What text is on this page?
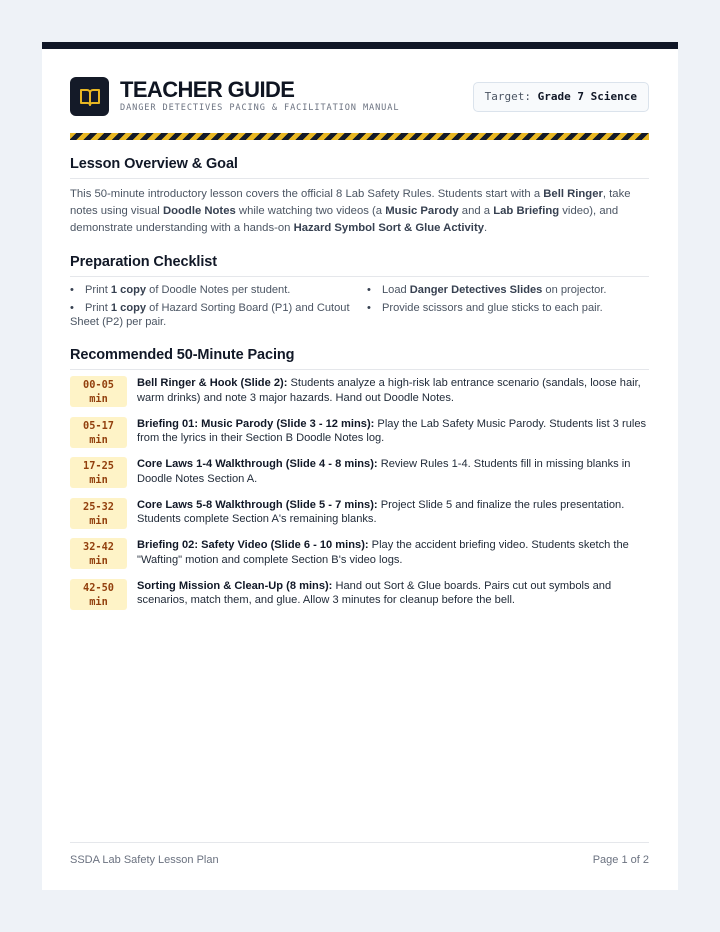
TEACHER GUIDE
DANGER DETECTIVES PACING & FACILITATION MANUAL
Target: Grade 7 Science
Lesson Overview & Goal

This 50-minute introductory lesson covers the official 8 Lab Safety Rules. Students start with a Bell Ringer, take notes using visual Doodle Notes while watching two videos (a Music Parody and a Lab Briefing video), and demonstrate understanding with a hands-on Hazard Symbol Sort & Glue Activity.

Preparation Checklist
• Print 1 copy of Doodle Notes per student.
• Print 1 copy of Hazard Sorting Board (P1) and Cutout Sheet (P2) per pair.
• Load Danger Detectives Slides on projector.
• Provide scissors and glue sticks to each pair.
Recommended 50-Minute Pacing
00-05
min
Bell Ringer & Hook (Slide 2): Students analyze a high-risk lab entrance scenario (sandals, loose hair, warm drinks) and note 3 major hazards. Hand out Doodle Notes.
05-17
min
Briefing 01: Music Parody (Slide 3 - 12 mins): Play the Lab Safety Music Parody. Students list 3 rules from the lyrics in their Section B Doodle Notes log.
17-25
min
Core Laws 1-4 Walkthrough (Slide 4 - 8 mins): Review Rules 1-4. Students fill in missing blanks in Doodle Notes Section A.
25-32
min
Core Laws 5-8 Walkthrough (Slide 5 - 7 mins): Project Slide 5 and finalize the rules presentation. Students complete Section A's remaining blanks.
32-42
min
Briefing 02: Safety Video (Slide 6 - 10 mins): Play the accident briefing video. Students sketch the "Wafting" motion and complete Section B's video logs.
42-50
min
Sorting Mission & Clean-Up (8 mins): Hand out Sort & Glue boards. Pairs cut out symbols and scenarios, match them, and glue. Allow 3 minutes for cleanup before the bell.
SSDA Lab Safety Lesson Plan	Page 1 of 2
